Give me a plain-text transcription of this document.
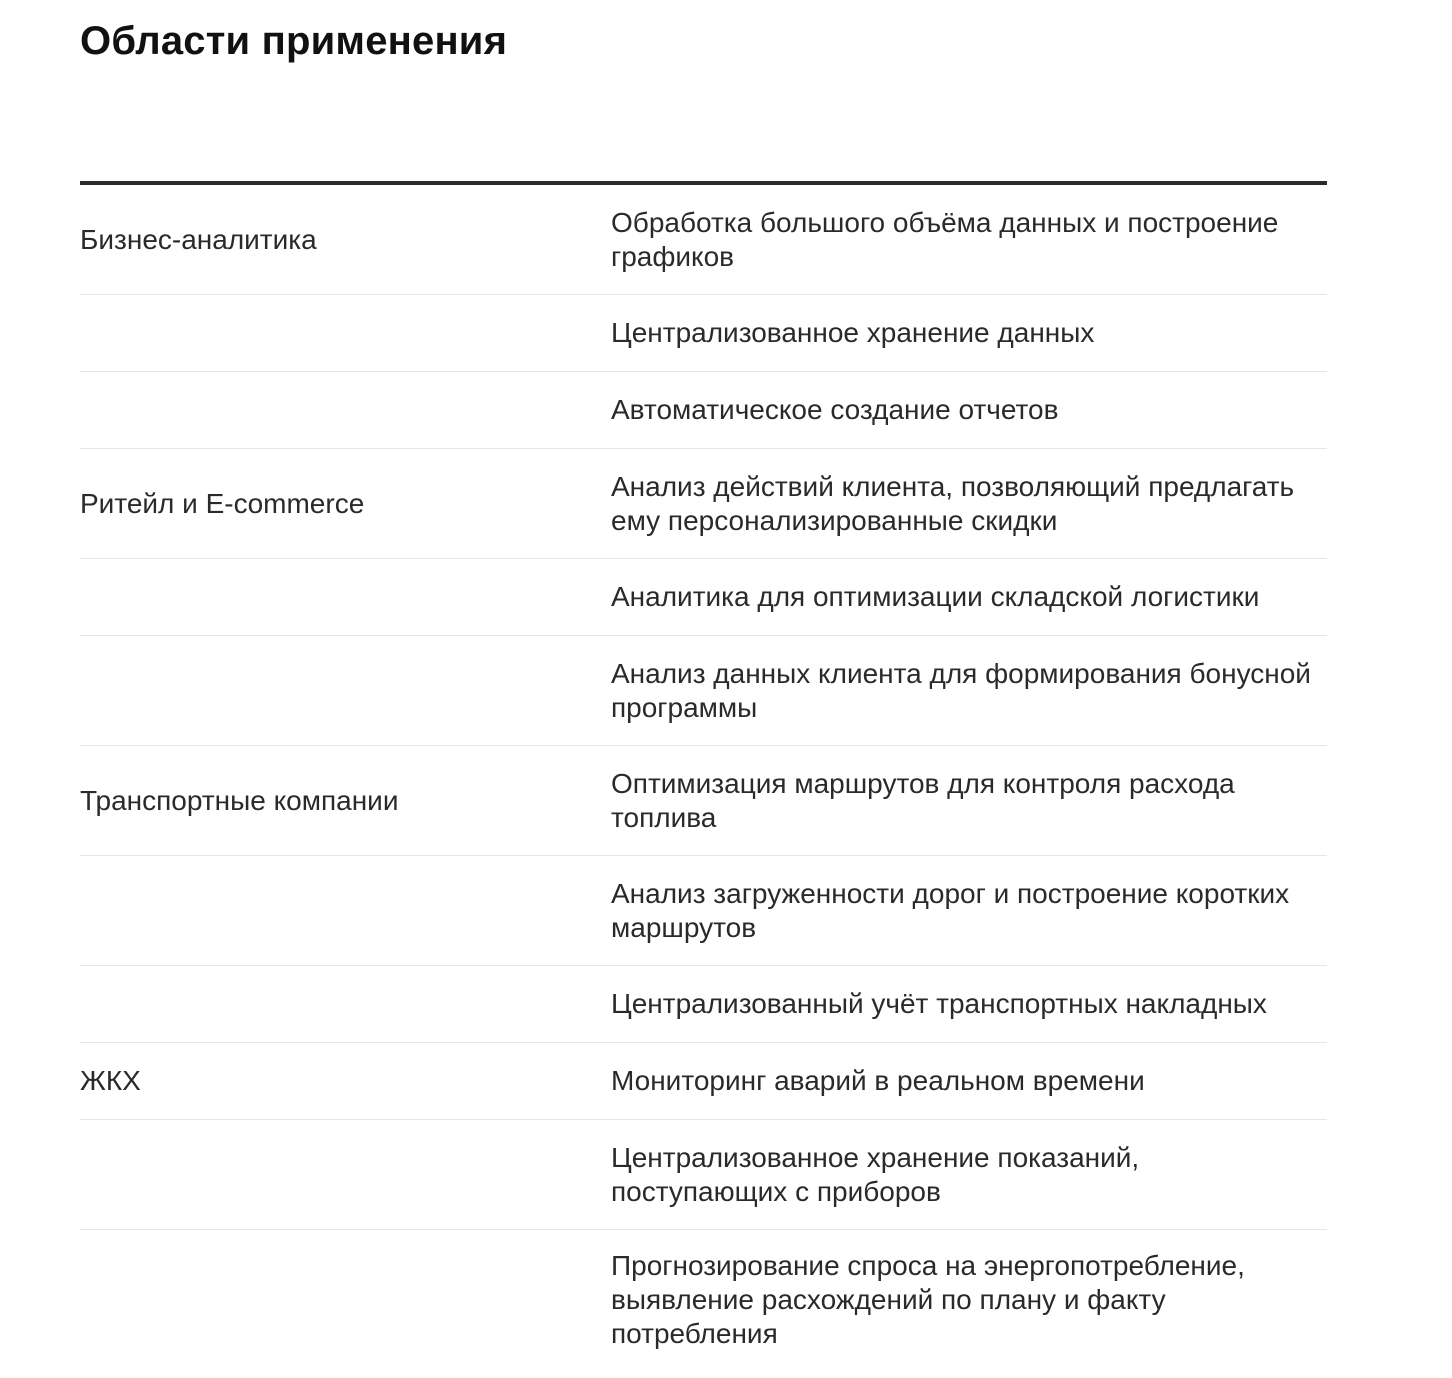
Области применения
Бизнес-аналитика
Обработка большого объёма данных и построение графиков
Централизованное хранение данных
Автоматическое создание отчетов
Ритейл и E-commerce
Анализ действий клиента, позволяющий предлагать ему персонализированные скидки
Аналитика для оптимизации складской логистики
Анализ данных клиента для формирования бонусной программы
Транспортные компании
Оптимизация маршрутов для контроля расхода топлива
Анализ загруженности дорог и построение коротких маршрутов
Централизованный учёт транспортных накладных
ЖКХ	Мониторинг аварий в реальном времени
Централизованное хранение показаний, поступающих с приборов
Прогнозирование спроса на энергопотребление, выявление расхождений по плану и факту потребления
